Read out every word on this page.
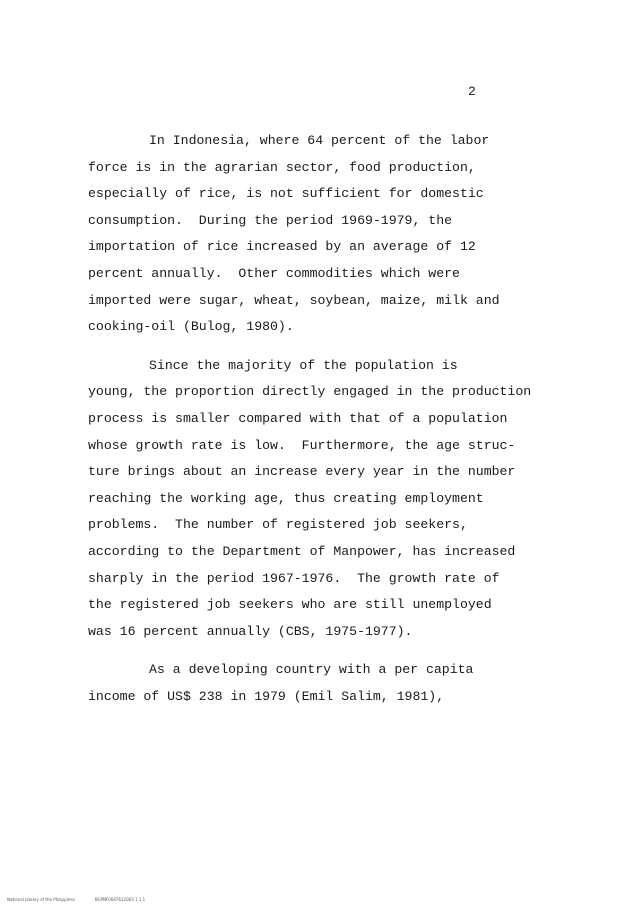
2
In Indonesia, where 64 percent of the labor
force is in the agrarian sector, food production,
especially of rice, is not sufficient for domestic
consumption.  During the period 1969-1979, the
importation of rice increased by an average of 12
percent annually.  Other commodities which were
imported were sugar, wheat, soybean, maize, milk and
cooking-oil (Bulog, 1980).
Since the majority of the population is
young, the proportion directly engaged in the production
process is smaller compared with that of a population
whose growth rate is low.  Furthermore, the age struc-
ture brings about an increase every year in the number
reaching the working age, thus creating employment
problems.  The number of registered job seekers,
according to the Department of Manpower, has increased
sharply in the period 1967-1976.  The growth rate of
the registered job seekers who are still unemployed
was 16 percent annually (CBS, 1975-1977).
As a developing country with a per capita
income of US$ 238 in 1979 (Emil Salim, 1981),

National Library of the Philippines	BGPNF0047612003 1 1 1
